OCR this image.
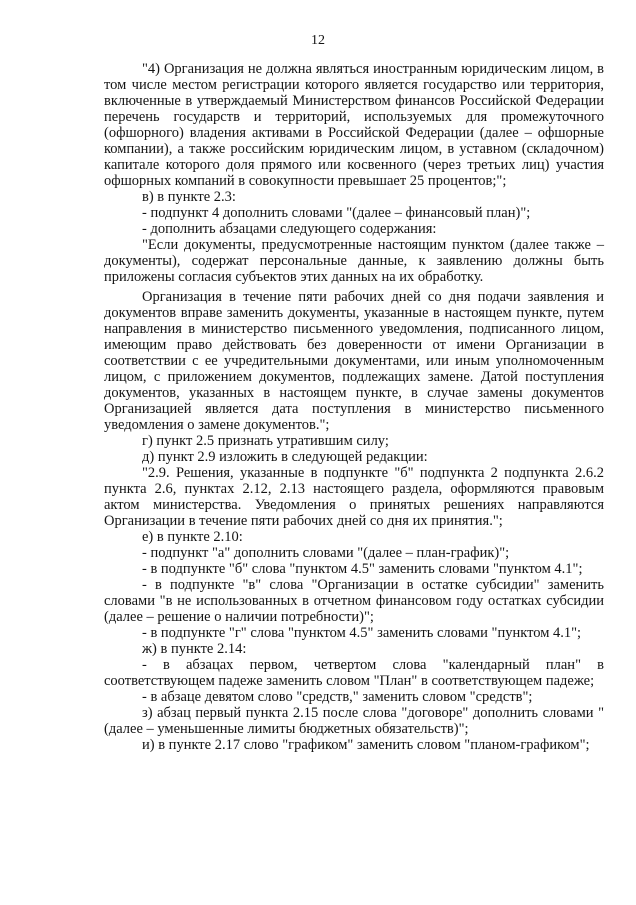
12

"4) Организация не должна являться иностранным юридическим лицом, в том числе местом регистрации которого является государство или территория, включенные в утверждаемый Министерством финансов Российской Федерации перечень государств и территорий, используемых для промежуточного (офшорного) владения активами в Российской Федерации (далее – офшорные компании), а также российским юридическим лицом, в уставном (складочном) капитале которого доля прямого или косвенного (через третьих лиц) участия офшорных компаний в совокупности превышает 25 процентов;";

в) в пункте 2.3:

- подпункт 4 дополнить словами "(далее – финансовый план)";

- дополнить абзацами следующего содержания:

"Если документы, предусмотренные настоящим пунктом (далее также – документы), содержат персональные данные, к заявлению должны быть приложены согласия субъектов этих данных на их обработку.

Организация в течение пяти рабочих дней со дня подачи заявления и документов вправе заменить документы, указанные в настоящем пункте, путем направления в министерство письменного уведомления, подписанного лицом, имеющим право действовать без доверенности от имени Организации в соответствии с ее учредительными документами, или иным уполномоченным лицом, с приложением документов, подлежащих замене. Датой поступления документов, указанных в настоящем пункте, в случае замены документов Организацией является дата поступления в министерство письменного уведомления о замене документов.";

г) пункт 2.5 признать утратившим силу;

д) пункт 2.9 изложить в следующей редакции:

"2.9. Решения, указанные в подпункте "б" подпункта 2 подпункта 2.6.2 пункта 2.6, пунктах 2.12, 2.13 настоящего раздела, оформляются правовым актом министерства. Уведомления о принятых решениях направляются Организации в течение пяти рабочих дней со дня их принятия.";

е) в пункте 2.10:

- подпункт "а" дополнить словами "(далее – план-график)";

- в подпункте "б" слова "пунктом 4.5" заменить словами "пунктом 4.1";

- в подпункте "в" слова "Организации в остатке субсидии" заменить словами "в не использованных в отчетном финансовом году остатках субсидии (далее – решение о наличии потребности)";

- в подпункте "г" слова "пунктом 4.5" заменить словами "пунктом 4.1";

ж) в пункте 2.14:

- в абзацах первом, четвертом слова "календарный план" в соответствующем падеже заменить словом "План" в соответствующем падеже;

- в абзаце девятом слово "средств," заменить словом "средств";

з) абзац первый пункта 2.15 после слова "договоре" дополнить словами "(далее – уменьшенные лимиты бюджетных обязательств)";

и) в пункте 2.17 слово "графиком" заменить словом "планом-графиком";
